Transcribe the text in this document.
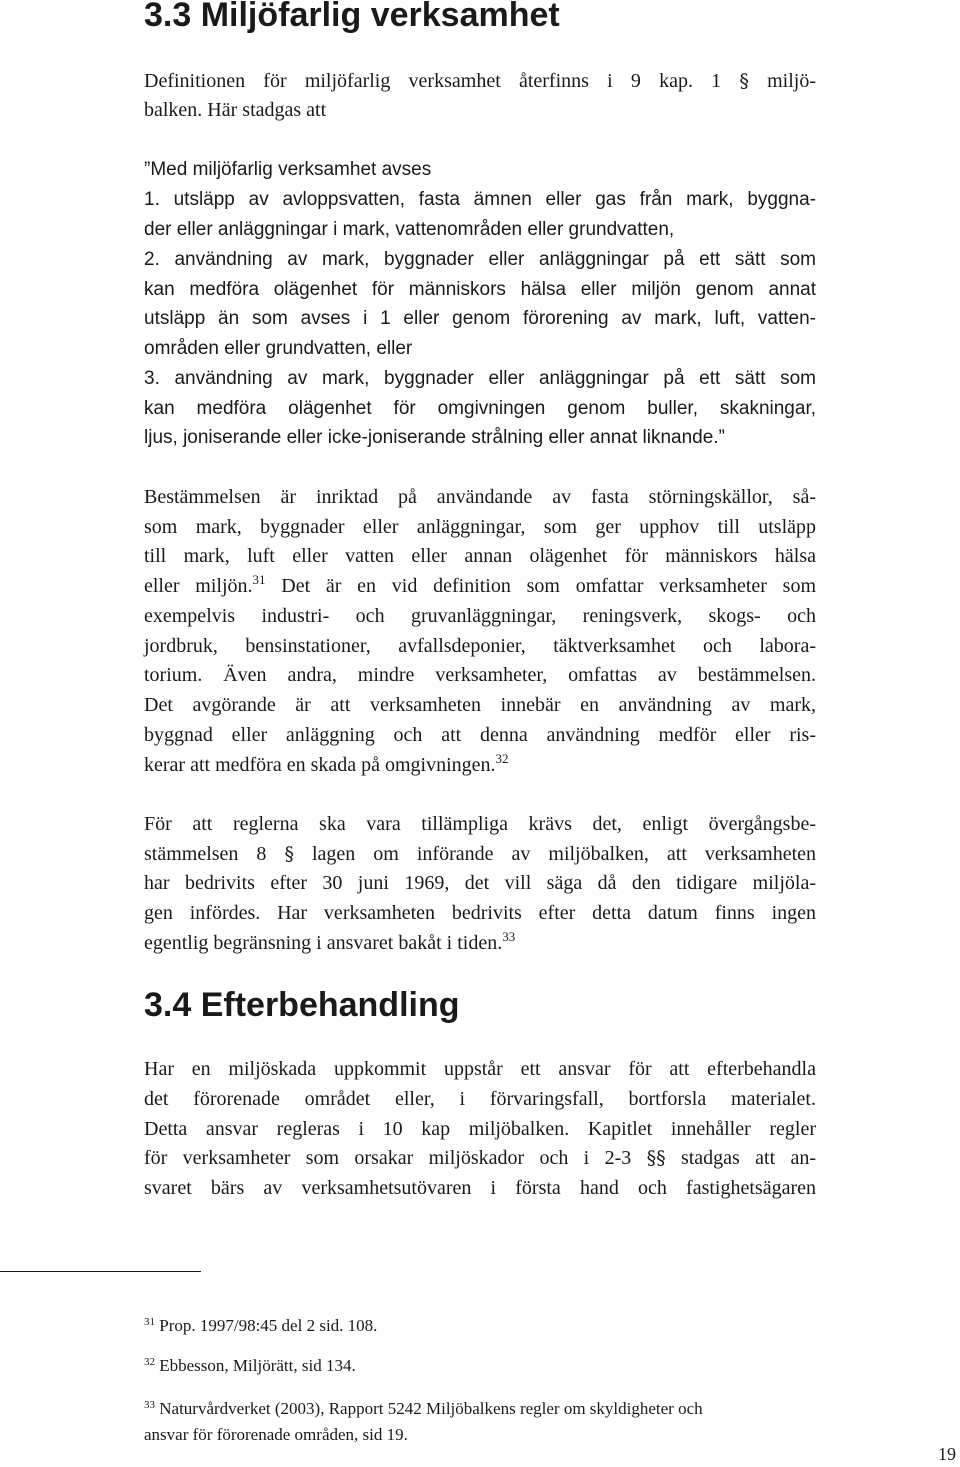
3.3 Miljöfarlig verksamhet

Definitionen för miljöfarlig verksamhet återfinns i 9 kap. 1 § miljö-

balken. Här stadgas att

”Med miljöfarlig verksamhet avses

1. utsläpp av avloppsvatten, fasta ämnen eller gas från mark, byggna-

der eller anläggningar i mark, vattenområden eller grundvatten,

2. användning av mark, byggnader eller anläggningar på ett sätt som

kan medföra olägenhet för människors hälsa eller miljön genom annat

utsläpp än som avses i 1 eller genom förorening av mark, luft, vatten-

områden eller grundvatten, eller

3. användning av mark, byggnader eller anläggningar på ett sätt som

kan medföra olägenhet för omgivningen genom buller, skakningar,

ljus, joniserande eller icke-joniserande strålning eller annat liknande.”

Bestämmelsen är inriktad på användande av fasta störningskällor, så-

som mark, byggnader eller anläggningar, som ger upphov till utsläpp

till mark, luft eller vatten eller annan olägenhet för människors hälsa

eller miljön.$^{31}$ Det är en vid definition som omfattar verksamheter som

exempelvis industri- och gruvanläggningar, reningsverk, skogs- och

jordbruk, bensinstationer, avfallsdeponier, täktverksamhet och labora-

torium. Även andra, mindre verksamheter, omfattas av bestämmelsen.

Det avgörande är att verksamheten innebär en användning av mark,

byggnad eller anläggning och att denna användning medför eller ris-

kerar att medföra en skada på omgivningen.$^{32}$

För att reglerna ska vara tillämpliga krävs det, enligt övergångsbe-

stämmelsen 8 § lagen om införande av miljöbalken, att verksamheten

har bedrivits efter 30 juni 1969, det vill säga då den tidigare miljöla-

gen infördes. Har verksamheten bedrivits efter detta datum finns ingen

egentlig begränsning i ansvaret bakåt i tiden.$^{33}$

3.4 Efterbehandling

Har en miljöskada uppkommit uppstår ett ansvar för att efterbehandla

det förorenade området eller, i förvaringsfall, bortforsla materialet.

Detta ansvar regleras i 10 kap miljöbalken. Kapitlet innehåller regler

för verksamheter som orsakar miljöskador och i 2-3 §§ stadgas att an-

svaret bärs av verksamhetsutövaren i första hand och fastighetsägaren

$^{31}$ Prop. 1997/98:45 del 2 sid. 108.

$^{32}$ Ebbesson, Miljörätt, sid 134.

$^{33}$ Naturvårdverket (2003), Rapport 5242 Miljöbalkens regler om skyldigheter och
ansvar för förorenade områden, sid 19.

19
